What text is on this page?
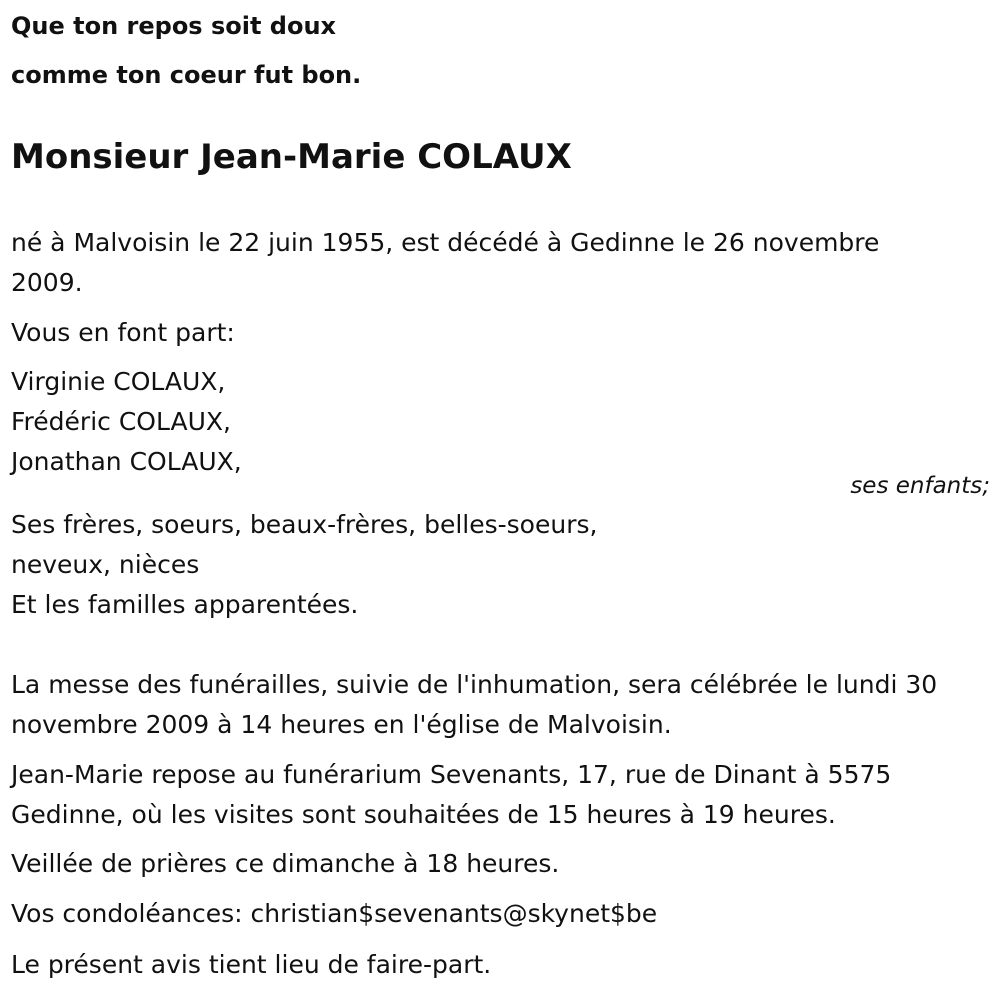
Que ton repos soit doux
comme ton coeur fut bon.
Monsieur Jean-Marie COLAUX
né à Malvoisin le 22 juin 1955, est décédé à Gedinne le 26 novembre
2009.
Vous en font part:
Virginie COLAUX,
Frédéric COLAUX,
Jonathan COLAUX,
ses enfants;
Ses frères, soeurs, beaux-frères, belles-soeurs,
neveux, nièces
Et les familles apparentées.
La messe des funérailles, suivie de l'inhumation, sera célébrée le lundi 30
novembre 2009 à 14 heures en l'église de Malvoisin.
Jean-Marie repose au funérarium Sevenants, 17, rue de Dinant à 5575
Gedinne, où les visites sont souhaitées de 15 heures à 19 heures.
Veillée de prières ce dimanche à 18 heures.
Vos condoléances: christian$sevenants@skynet$be
Le présent avis tient lieu de faire-part.
